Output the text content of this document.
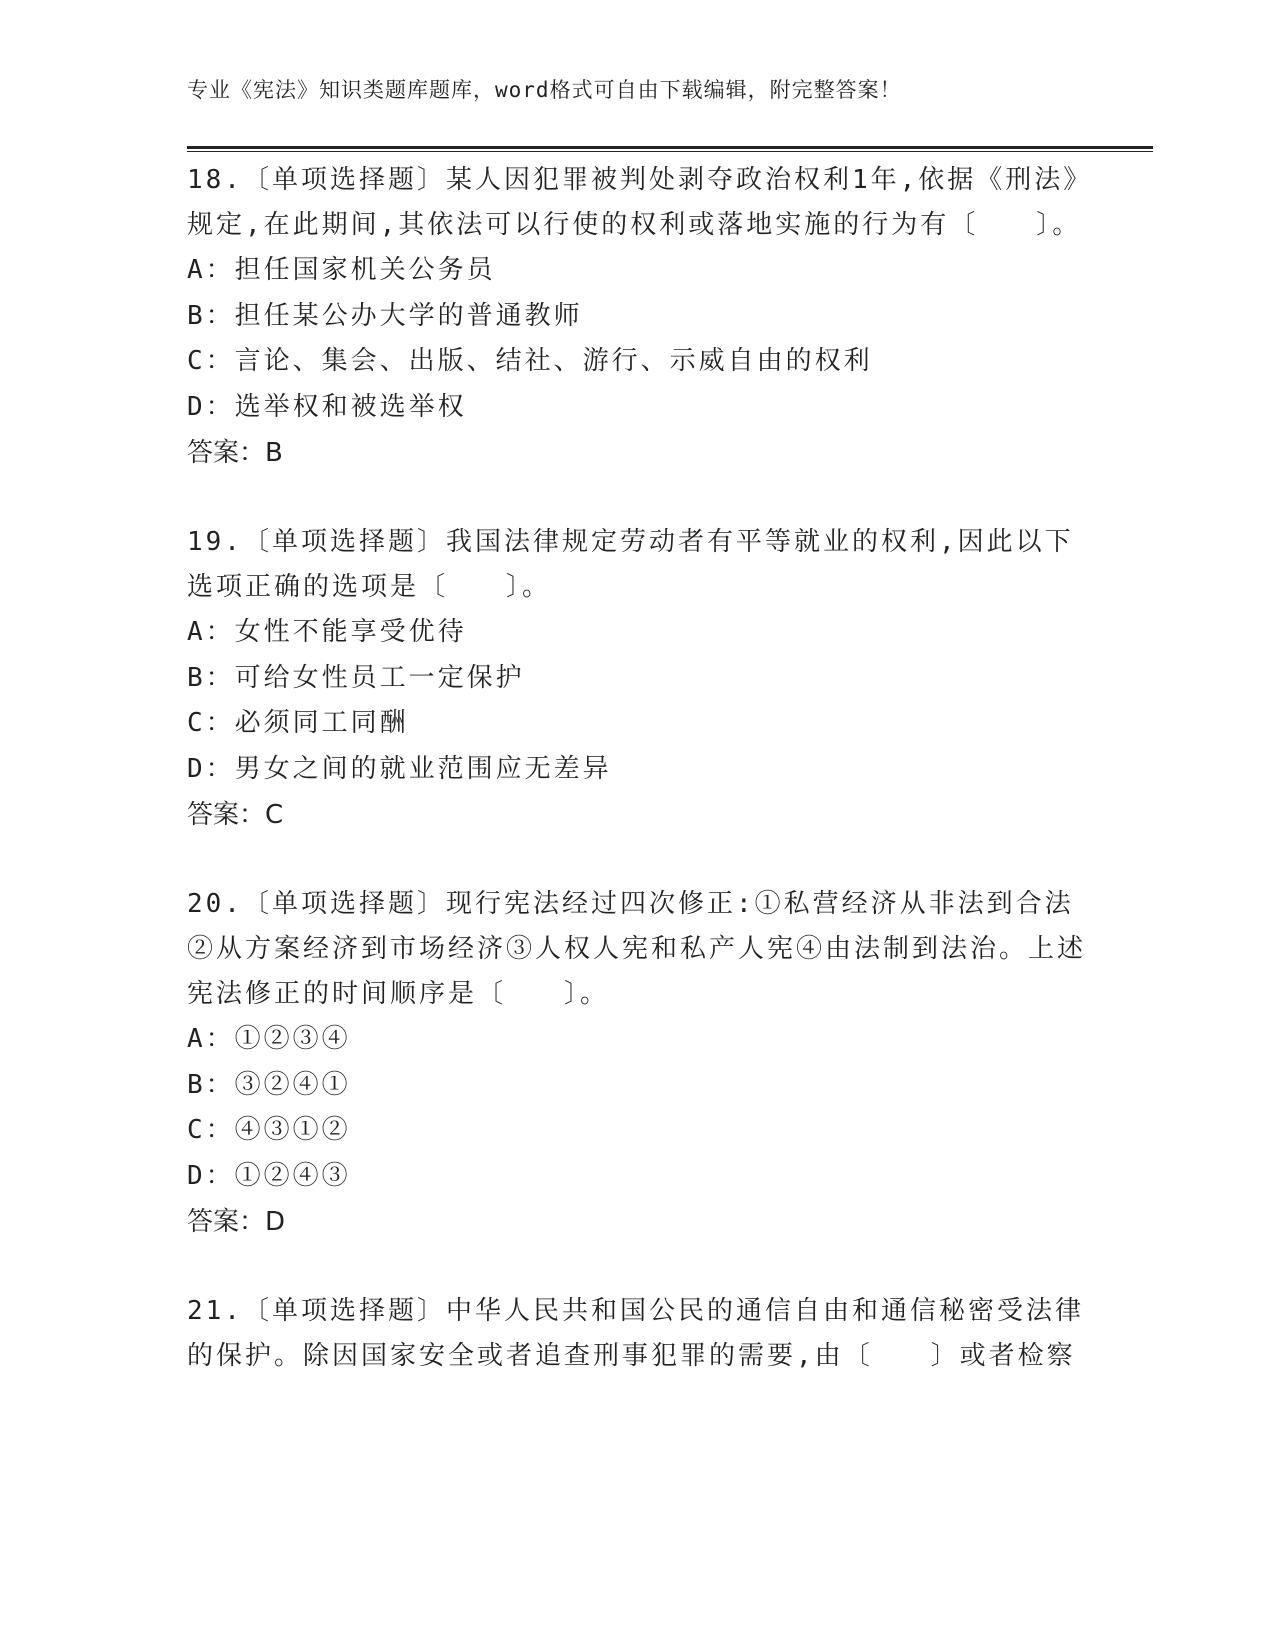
专业《宪法》知识类题库题库，word格式可自由下载编辑，附完整答案！

18.〔单项选择题〕某人因犯罪被判处剥夺政治权利1年,依据《刑法》规定,在此期间,其依法可以行使的权利或落地实施的行为有〔　　〕。

A：担任国家机关公务员

B：担任某公办大学的普通教师

C：言论、集会、出版、结社、游行、示威自由的权利

D：选举权和被选举权

答案：B

19.〔单项选择题〕我国法律规定劳动者有平等就业的权利,因此以下选项正确的选项是〔　　〕。

A：女性不能享受优待

B：可给女性员工一定保护

C：必须同工同酬

D：男女之间的就业范围应无差异

答案：C

20.〔单项选择题〕现行宪法经过四次修正:①私营经济从非法到合法②从方案经济到市场经济③人权人宪和私产人宪④由法制到法治。上述宪法修正的时间顺序是〔　　〕。

A：①②③④

B：③②④①

C：④③①②

D：①②④③

答案：D

21.〔单项选择题〕中华人民共和国公民的通信自由和通信秘密受法律的保护。除因国家安全或者追查刑事犯罪的需要,由〔　　〕或者检察
